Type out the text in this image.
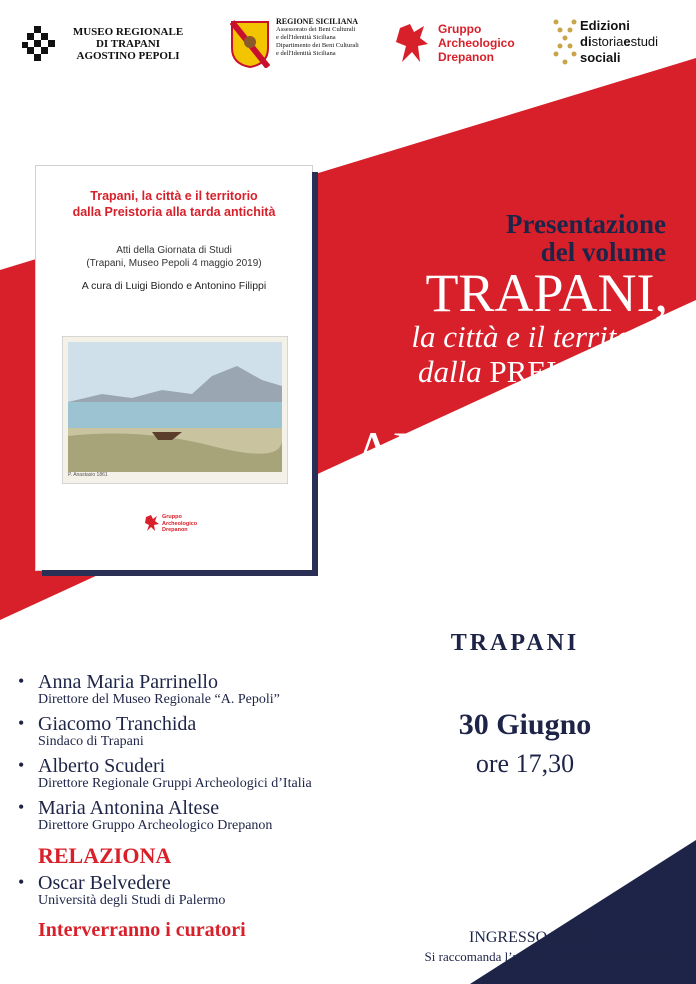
MUSEO REGIONALE
DI TRAPANI
AGOSTINO PEPOLI
REGIONE SICILIANA
Assessorato dei Beni Culturali
e dell'Identità Siciliana
Dipartimento dei Beni Culturali
e dell'Identità Siciliana
Gruppo
Archeologico
Drepanon
Edizioni
distoriaestudi
sociali
Trapani, la città e il territorio
dalla Preistoria alla tarda antichità
Atti della Giornata di Studi
(Trapani, Museo Pepoli 4 maggio 2019)
A cura di Luigi Biondo e Antonino Filippi
P. Anastasio 1861
Gruppo
Archeologico
Drepanon
Presentazione
del volume
TRAPANI,
la città e il territorio
dalla PREISTORIA
alla tarda
ANTICHITÀ
a cura di Luigi Biondo
e Antonino Filippi
Museo “A. Pepoli”
TRAPANI
Giovedì
30 Giugno
ore 17,30
SALUTI
• Anna Maria Parrinello
Direttore del Museo Regionale “A. Pepoli”
• Giacomo Tranchida
Sindaco di Trapani
• Alberto Scuderi
Direttore Regionale Gruppi Archeologici d’Italia
• Maria Antonina Altese
Direttore Gruppo Archeologico Drepanon
RELAZIONA
• Oscar Belvedere
Università degli Studi di Palermo
Interverranno i curatori	INGRESSO LIBERO
Si raccomanda l’utilizzo della mascherina FFP2
